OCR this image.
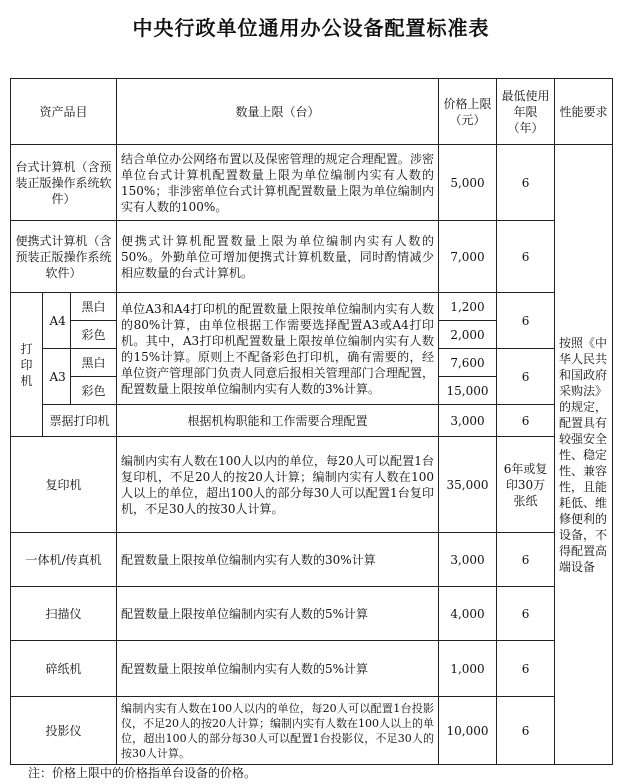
中央行政单位通用办公设备配置标准表
资产品目			数量上限（台）	价格上限（元）	最低使用年限（年）	性能要求
台式计算机（含预装正版操作系统软件）			结合单位办公网络布置以及保密管理的规定合理配置。涉密单位台式计算机配置数量上限为单位编制内实有人数的150%；非涉密单位台式计算机配置数量上限为单位编制内实有人数的100%。	5,000	6	按照《中华人民共和国政府采购法》的规定，配置具有较强安全性、稳定性、兼容性，且能耗低、维修便利的设备，不得配置高端设备
便携式计算机（含预装正版操作系统软件）			便携式计算机配置数量上限为单位编制内实有人数的50%。外勤单位可增加便携式计算机数量，同时酌情减少相应数量的台式计算机。	7,000	6	

打印机	A4	黑白	单位A3和A4打印机的配置数量上限按单位编制内实有人数的80%计算，由单位根据工作需要选择配置A3或A4打印机。其中，A3打印机配置数量上限按单位编制内实有人数的15%计算。原则上不配备彩色打印机，确有需要的，经单位资产管理部门负责人同意后报相关管理部门合理配置，配置数量上限按单位编制内实有人数的3%计算。	1,200	6	
		彩色		2,000		

	A3	黑白		7,600	6	
		彩色		15,000		
	票据打印机		根据机构职能和工作需要合理配置	3,000	6	
复印机			编制内实有人数在100人以内的单位，每20人可以配置1台复印机，不足20人的按20人计算；编制内实有人数在100人以上的单位，超出100人的部分每30人可以配置1台复印机，不足30人的按30人计算。	35,000	6年或复印30万张纸	
一体机/传真机			配置数量上限按单位编制内实有人数的30%计算	3,000	6	
扫描仪			配置数量上限按单位编制内实有人数的5%计算	4,000	6	
碎纸机			配置数量上限按单位编制内实有人数的5%计算	1,000	6	
投影仪			编制内实有人数在100人以内的单位，每20人可以配置1台投影仪，不足20人的按20人计算；编制内实有人数在100人以上的单位，超出100人的部分每30人可以配置1台投影仪，不足30人的按30人计算。	10,000	6	
注：价格上限中的价格指单台设备的价格。
